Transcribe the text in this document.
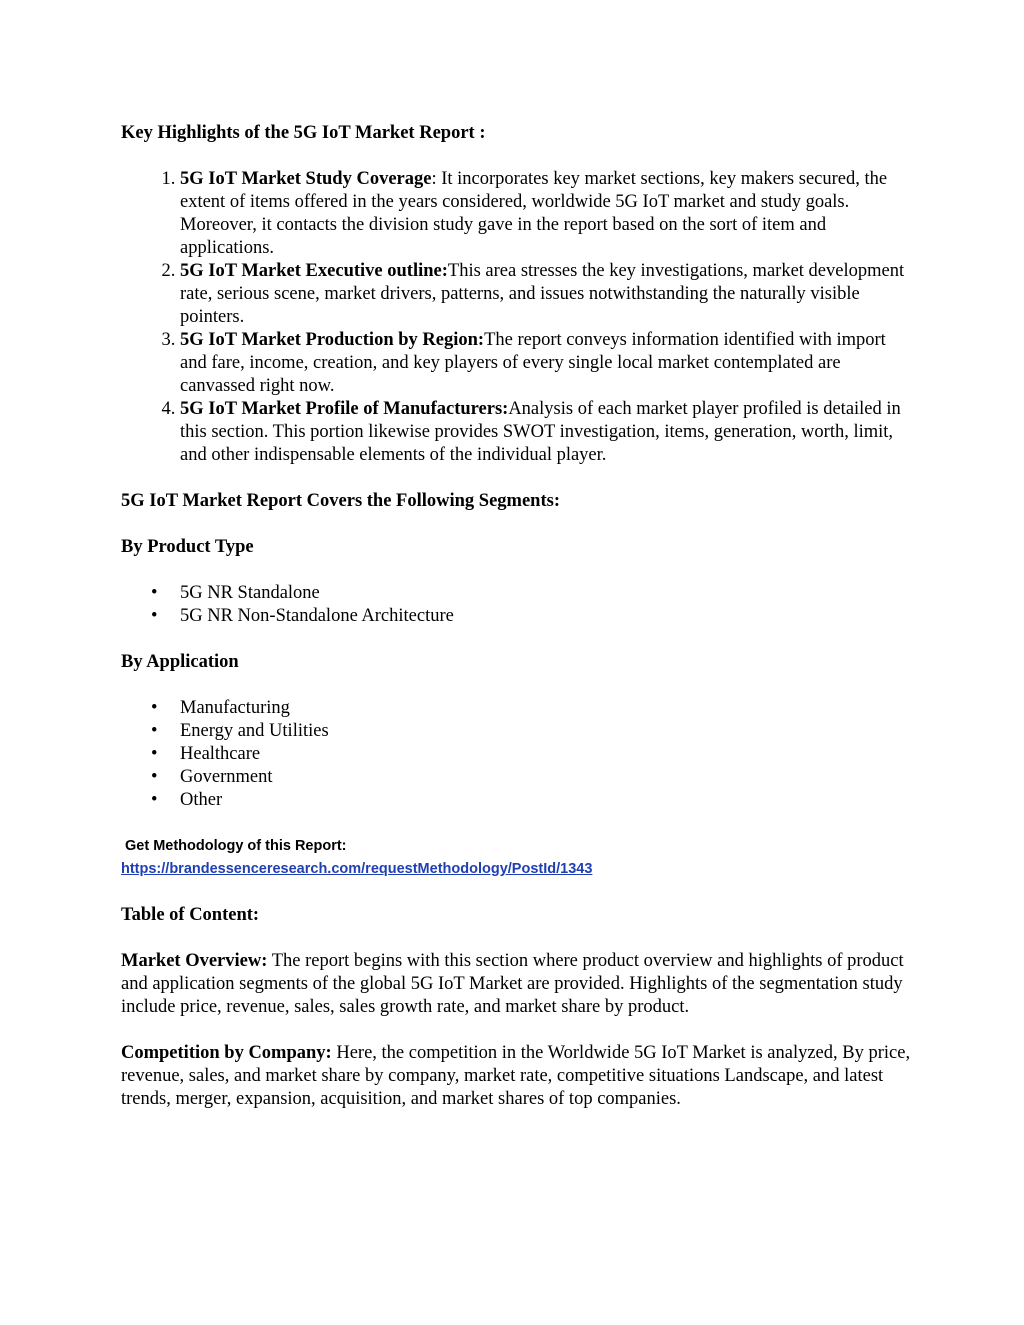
Key Highlights of the 5G IoT Market Report :

1. 5G IoT Market Study Coverage: It incorporates key market sections, key makers secured, the extent of items offered in the years considered, worldwide 5G IoT market and study goals. Moreover, it contacts the division study gave in the report based on the sort of item and applications.
2. 5G IoT Market Executive outline:This area stresses the key investigations, market development rate, serious scene, market drivers, patterns, and issues notwithstanding the naturally visible pointers.
3. 5G IoT Market Production by Region:The report conveys information identified with import and fare, income, creation, and key players of every single local market contemplated are canvassed right now.
4. 5G IoT Market Profile of Manufacturers:Analysis of each market player profiled is detailed in this section. This portion likewise provides SWOT investigation, items, generation, worth, limit, and other indispensable elements of the individual player.

5G IoT Market Report Covers the Following Segments:

By Product Type

• 5G NR Standalone
• 5G NR Non-Standalone Architecture

By Application

• Manufacturing
• Energy and Utilities
• Healthcare
• Government
• Other
Get Methodology of this Report:
https://brandessenceresearch.com/requestMethodology/PostId/1343

Table of Content:

Market Overview: The report begins with this section where product overview and highlights of product and application segments of the global 5G IoT Market are provided. Highlights of the segmentation study include price, revenue, sales, sales growth rate, and market share by product.

Competition by Company: Here, the competition in the Worldwide 5G IoT Market is analyzed, By price, revenue, sales, and market share by company, market rate, competitive situations Landscape, and latest trends, merger, expansion, acquisition, and market shares of top companies.
